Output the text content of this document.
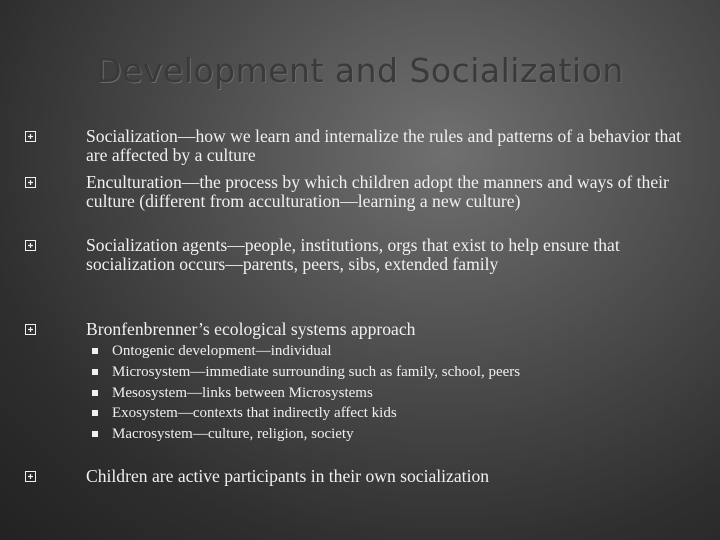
Development and Socialization
Socialization—how we learn and internalize the rules and patterns of a behavior that are affected by a culture
Enculturation—the process by which children adopt the manners and ways of their culture (different from acculturation—learning a new culture)
Socialization agents—people, institutions, orgs that exist to help ensure that socialization occurs—parents, peers, sibs, extended family
Bronfenbrenner’s ecological systems approach
Ontogenic development—individual
Microsystem—immediate surrounding such as family, school, peers
Mesosystem—links between Microsystems
Exosystem—contexts that indirectly affect kids
Macrosystem—culture, religion, society
Children are active participants in their own socialization
